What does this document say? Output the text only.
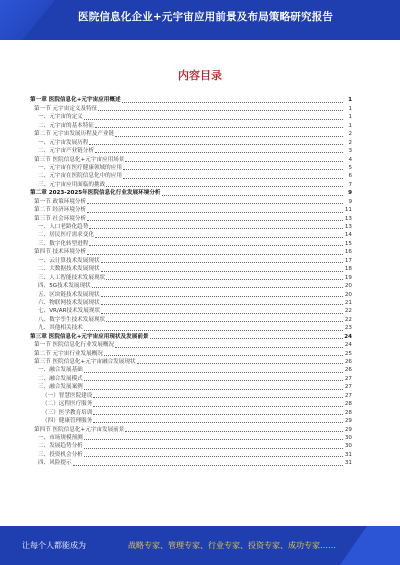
医院信息化企业+元宇宙应用前景及布局策略研究报告
内容目录
第一章 医院信息化+元宇宙应用概述	1
第一节 元宇宙定义及特征	1
一、元宇宙的定义	1
二、元宇宙的基本特征	1
第二节 元宇宙发展历程及产业链	2
一、元宇宙发展历程	2
二、元宇宙产业链分析	3
第三节 医院信息化+元宇宙应用场景	4
一、元宇宙在医疗健康领域的应用	5
二、元宇宙在医院信息化中的应用	6
三、元宇宙应用面临的挑战	7
第二章 2023-2025年医院信息化行业发展环境分析	9
第一节 政策环境分析	9
第二节 经济环境分析	11
第三节 社会环境分析	13
一、人口老龄化趋势	13
二、居民医疗需求变化	14
三、数字化转型进程	15
第四节 技术环境分析	16
一、云计算技术发展现状	17
二、大数据技术发展现状	18
三、人工智能技术发展现状	19
四、5G技术发展现状	20
五、区块链技术发展现状	20
六、物联网技术发展现状	21
七、VR/AR技术发展现状	22
八、数字孪生技术发展现状	22
九、其他相关技术	23
第三章 医院信息化+元宇宙应用现状及发展前景	24
第一节 医院信息化行业发展概况	24
第二节 元宇宙行业发展概况	25
第三节 医院信息化+元宇宙融合发展现状	26
一、融合发展基础	26
二、融合发展模式	27
三、融合发展案例	27
（一）智慧医院建设	27
（二）远程医疗服务	28
（三）医学教育培训	28
（四）健康管理服务	29
第四节 医院信息化+元宇宙发展前景	29
一、市场规模预测	30
二、发展趋势分析	30
三、投资机会分析	31
四、风险提示	31
让每个人都能成为	战略专家、管理专家、行业专家、投资专家、成功专家……
